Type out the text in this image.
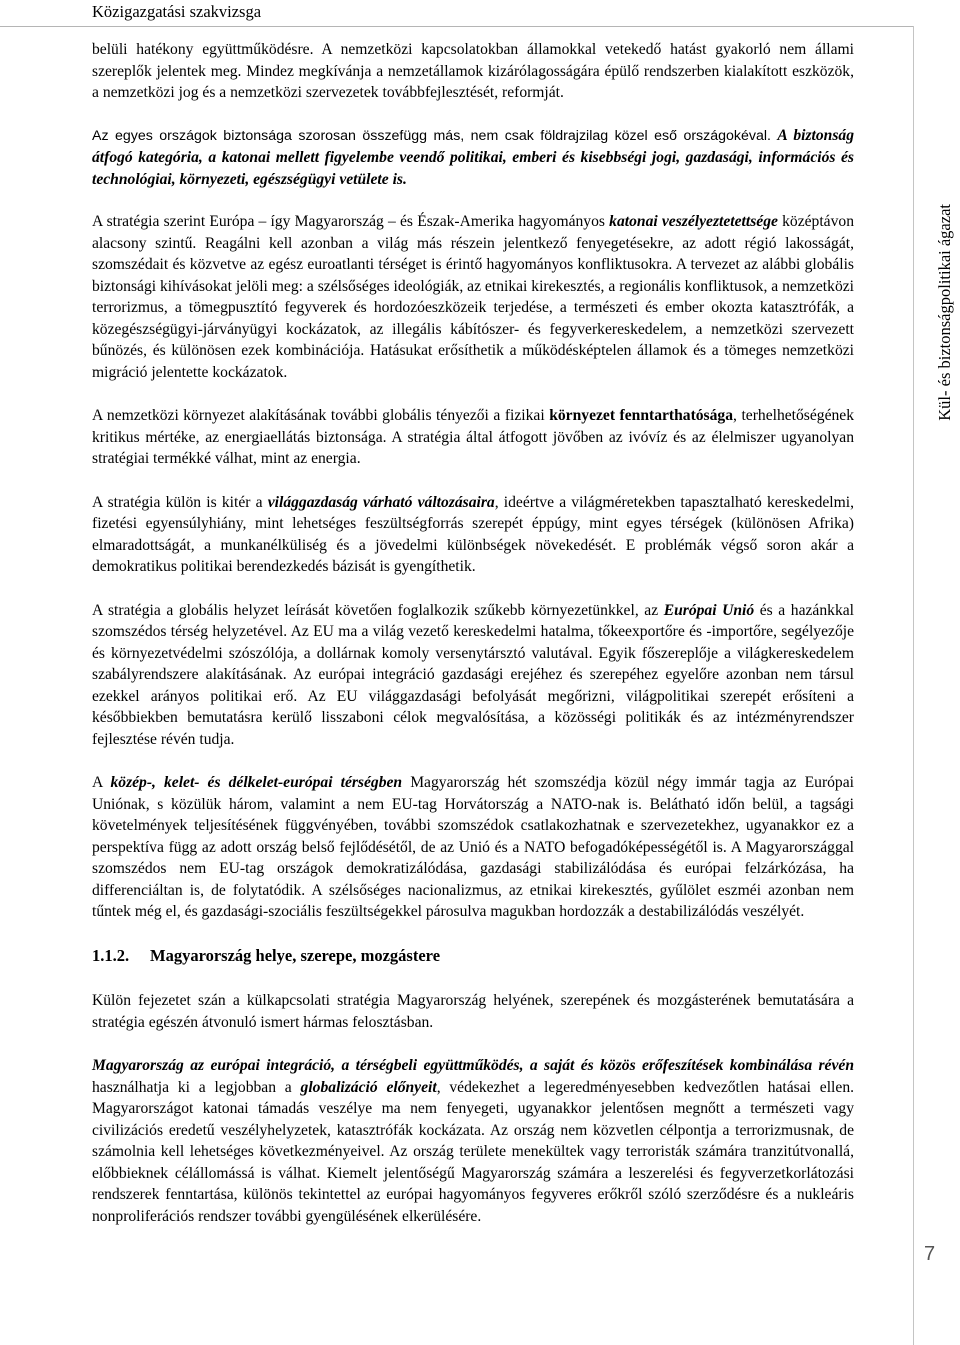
Közigazgatási szakvizsga
Kül- és biztonságpolitikai ágazat
7

belüli hatékony együttműködésre. A nemzetközi kapcsolatokban államokkal vetekedő hatást gyakorló nem állami szereplők jelentek meg. Mindez megkívánja a nemzetállamok kizárólagosságára épülő rendszerben kialakított eszközök, a nemzetközi jog és a nemzetközi szervezetek továbbfejlesztését, reformját.

Az egyes országok biztonsága szorosan összefügg más, nem csak földrajzilag közel eső országokéval. A biztonság átfogó kategória, a katonai mellett figyelembe veendő politikai, emberi és kisebbségi jogi, gazdasági, információs és technológiai, környezeti, egészségügyi vetülete is.

A stratégia szerint Európa – így Magyarország – és Észak-Amerika hagyományos katonai veszélyeztetettsége középtávon alacsony szintű. Reagálni kell azonban a világ más részein jelentkező fenyegetésekre, az adott régió lakosságát, szomszédait és közvetve az egész euroatlanti térséget is érintő hagyományos konfliktusokra. A tervezet az alábbi globális biztonsági kihívásokat jelöli meg: a szélsőséges ideológiák, az etnikai kirekesztés, a regionális konfliktusok, a nemzetközi terrorizmus, a tömegpusztító fegyverek és hordozóeszközeik terjedése, a természeti és ember okozta katasztrófák, a közegészségügyi-járványügyi kockázatok, az illegális kábítószer- és fegyverkereskedelem, a nemzetközi szervezett bűnözés, és különösen ezek kombinációja. Hatásukat erősíthetik a működésképtelen államok és a tömeges nemzetközi migráció jelentette kockázatok.

A nemzetközi környezet alakításának további globális tényezői a fizikai környezet fenntarthatósága, terhelhetőségének kritikus mértéke, az energiaellátás biztonsága. A stratégia által átfogott jövőben az ivóvíz és az élelmiszer ugyanolyan stratégiai termékké válhat, mint az energia.

A stratégia külön is kitér a világgazdaság várható változásaira, ideértve a világméretekben tapasztalható kereskedelmi, fizetési egyensúlyhiány, mint lehetséges feszültségforrás szerepét éppúgy, mint egyes térségek (különösen Afrika) elmaradottságát, a munkanélküliség és a jövedelmi különbségek növekedését. E problémák végső soron akár a demokratikus politikai berendezkedés bázisát is gyengíthetik.

A stratégia a globális helyzet leírását követően foglalkozik szűkebb környezetünkkel, az Európai Unió és a hazánkkal szomszédos térség helyzetével. Az EU ma a világ vezető kereskedelmi hatalma, tőkeexportőre és -importőre, segélyezője és környezetvédelmi szószólója, a dollárnak komoly versenytársztó valutával. Egyik főszereplője a világkereskedelem szabályrendszere alakításának. Az európai integráció gazdasági erejéhez és szerepéhez egyelőre azonban nem társul ezekkel arányos politikai erő. Az EU világgazdasági befolyását megőrizni, világpolitikai szerepét erősíteni a későbbiekben bemutatásra kerülő lisszaboni célok megvalósítása, a közösségi politikák és az intézményrendszer fejlesztése révén tudja.

A közép-, kelet- és délkelet-európai térségben Magyarország hét szomszédja közül négy immár tagja az Európai Uniónak, s közülük három, valamint a nem EU-tag Horvátország a NATO-nak is. Belátható időn belül, a tagsági követelmények teljesítésének függvényében, további szomszédok csatlakozhatnak e szervezetekhez, ugyanakkor ez a perspektíva függ az adott ország belső fejlődésétől, de az Unió és a NATO befogadóképességétől is. A Magyarországgal szomszédos nem EU-tag országok demokratizálódása, gazdasági stabilizálódása és európai felzárkózása, ha differenciáltan is, de folytatódik. A szélsőséges nacionalizmus, az etnikai kirekesztés, gyűlölet eszméi azonban nem tűntek még el, és gazdasági-szociális feszültségekkel párosulva magukban hordozzák a destabilizálódás veszélyét.

1.1.2. Magyarország helye, szerepe, mozgástere

Külön fejezetet szán a külkapcsolati stratégia Magyarország helyének, szerepének és mozgásterének bemutatására a stratégia egészén átvonuló ismert hármas felosztásban.

Magyarország az európai integráció, a térségbeli együttműködés, a saját és közös erőfeszítések kombinálása révén használhatja ki a legjobban a globalizáció előnyeit, védekezhet a legeredményesebben kedvezőtlen hatásai ellen. Magyarországot katonai támadás veszélye ma nem fenyegeti, ugyanakkor jelentősen megnőtt a természeti vagy civilizációs eredetű veszélyhelyzetek, katasztrófák kockázata. Az ország nem közvetlen célpontja a terrorizmusnak, de számolnia kell lehetséges következményeivel. Az ország területe menekültek vagy terroristák számára tranzitútvonallá, előbbieknek célállomássá is válhat. Kiemelt jelentőségű Magyarország számára a leszerelési és fegyverzetkorlátozási rendszerek fenntartása, különös tekintettel az európai hagyományos fegyveres erőkről szóló szerződésre és a nukleáris nonproliferációs rendszer további gyengülésének elkerülésére.
